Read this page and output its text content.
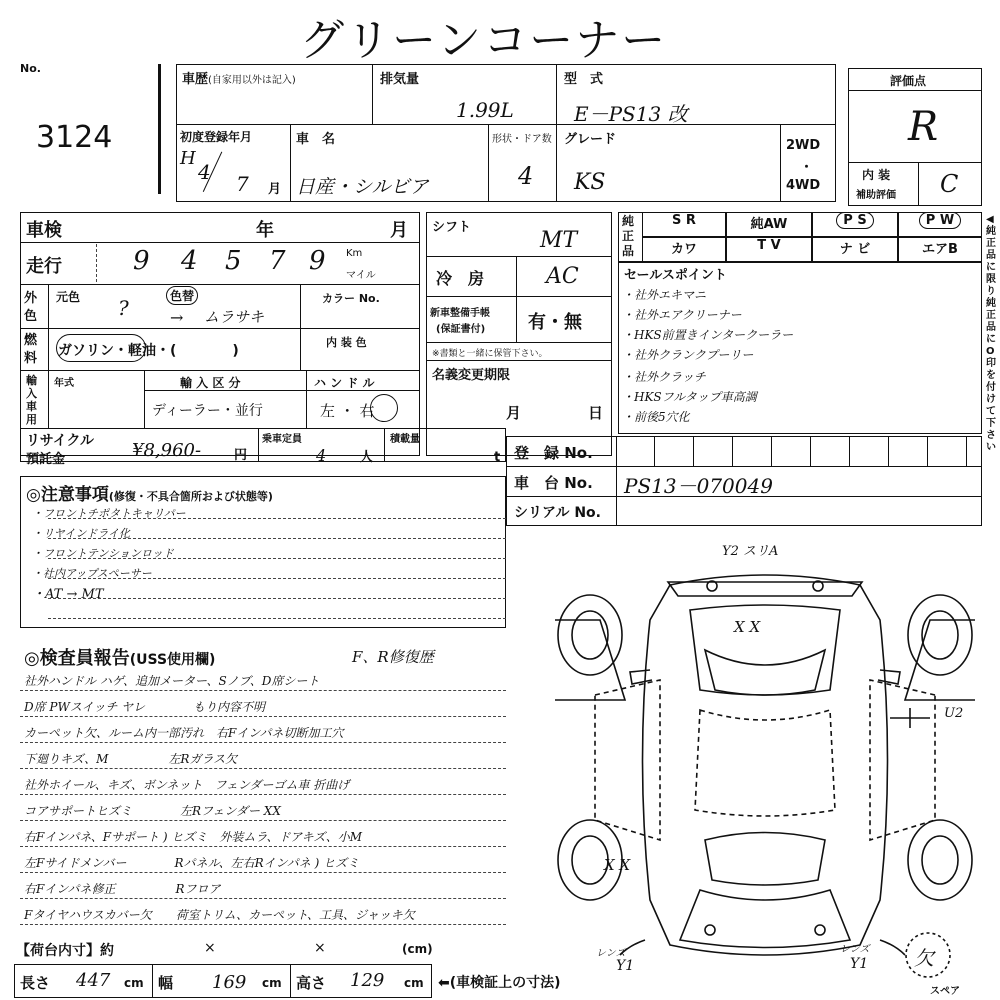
グリーンコーナー
No.
3124
車歴(自家用以外は記入)	排気量
1.99L
型　式
E－PS13 改
初度登録年月
H
4 7 月
車　名
日産・シルビア
形状・ドア数
4
グレード
KS
2WD
・
4WD
評価点
R
内 装
補助評価 C
車検	年	月
走行	9 4 5 7 9 Km
マイル
外色
元色 ?	色替
→ ムラサキ
カラー No.
燃料	ガソリン・軽油・(　　　　)
内 装 色
輸入車用
年式	輸 入 区 分
ディーラー・並行
ハ ン ド ル
左 ・ 右
リサイクル
預託金	¥8,960-	円
乗車定員
4	人
積載量
t
シフト
MT
冷　房	AC
新車整備手帳
(保証書付) 有・無
※書類と一緒に保管下さい。
名義変更期限
月	日
純正品
S R	純AW	P S	P W
カワ	T V	ナ ビ	エアB
◀純正品に限り純正品にO印を付けて下さい
セールスポイント
・社外エキマニ
・社外エアクリーナー
・HKS前置きインタークーラー
・社外クランクプーリー
・社外クラッチ
・HKSフルタップ車高調
・前後5穴化
登　録 No.
車　台 No. PS13－070049
シリアル No.
◎注意事項(修復・不具合箇所および状態等)
・フロントチポタトキャリパー
・リヤインドライ化
・フロントテンションロッド
・社内アップスペーサー
・AT → MT
◎検査員報告(USS使用欄)	F、R修復歴
社外ハンドル ハゲ、追加メーター、Sノブ、D席シート
D席 PWスイッチ ヤレ　　　　もり内容不明
カーペット欠、ルーム内一部汚れ　右Fインパネ切断加工穴
下廻りキズ、M　　　　　左Rガラス欠
社外ホイール、キズ、ボンネット　フェンダーゴム車 折曲げ
コアサポートヒズミ　　　　左Rフェンダー XX
右Fインパネ、Fサポート ) ヒズミ　外装ムラ、ドアキズ、小M
左Fサイドメンバー　　　　Rパネル、左右Rインパネ ) ヒズミ
右Fインパネ修正　　　　　Rフロア
Fタイヤハウスカバー欠　　荷室トリム、カーペット、工具、ジャッキ欠
【荷台内寸】約	×	×	(cm)
長さ 447 cm 幅 169 cm 高さ 129 cm ⬅(車検証上の寸法)
Y2 スリA
U2
X X
X X
レンズ
Y1
レンズ
Y1 欠
スペア
